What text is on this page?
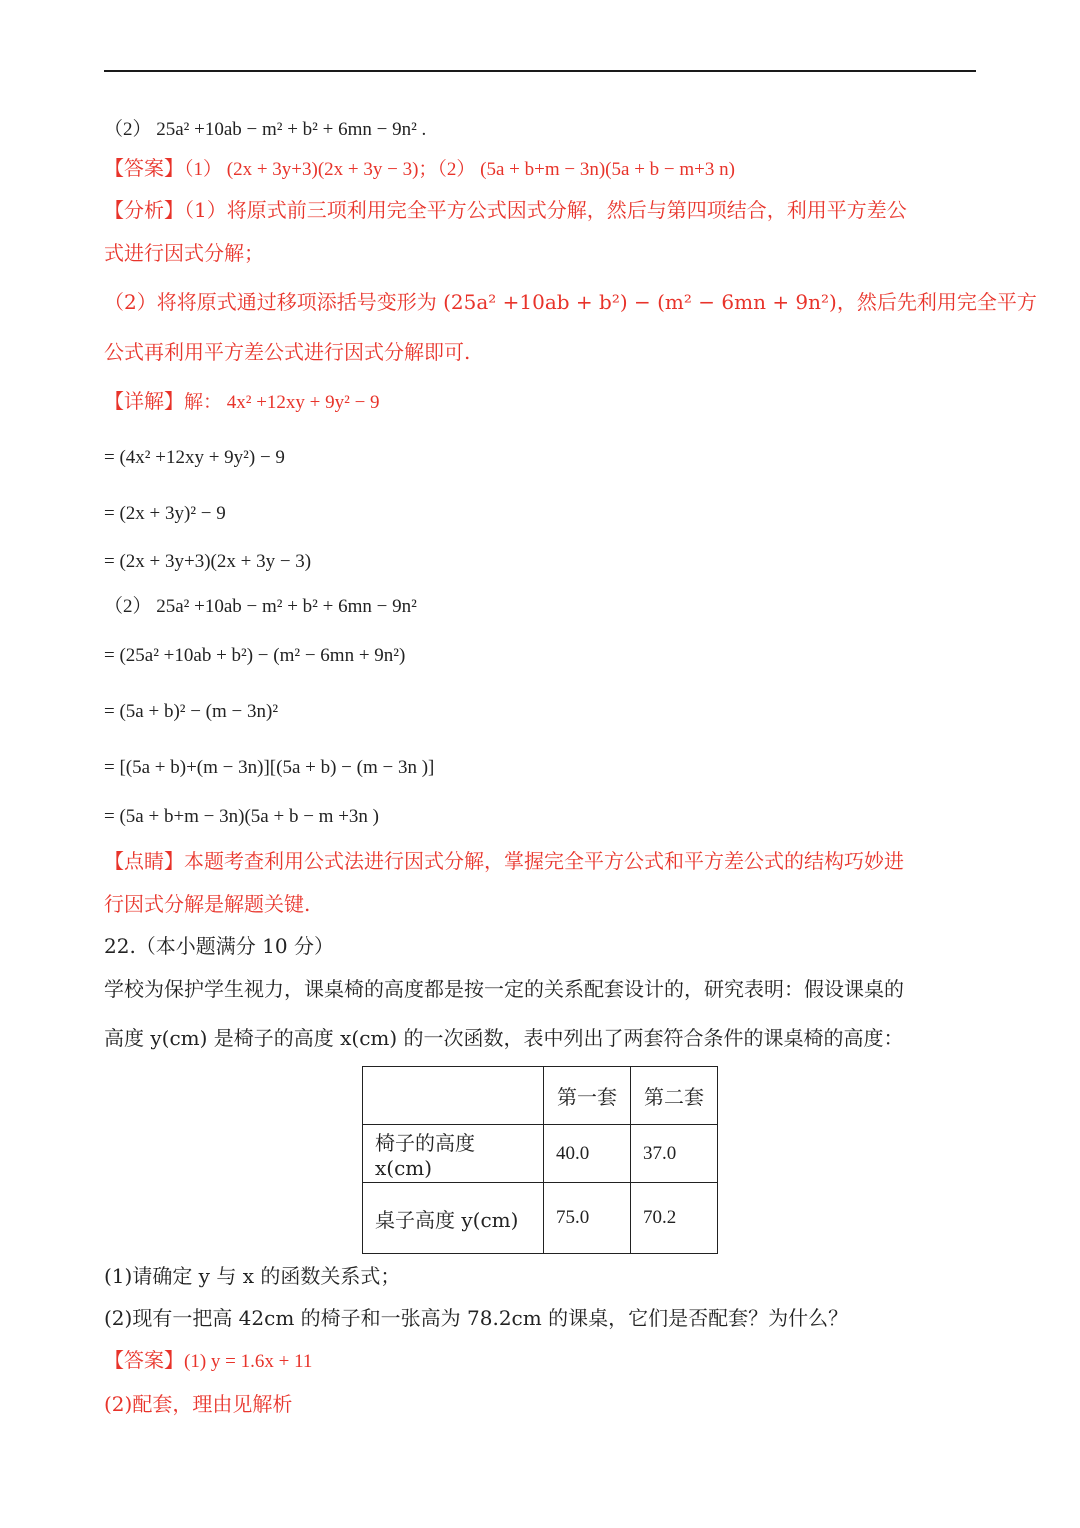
（2） 25a² +10ab − m² + b² + 6mn − 9n² .
【答案】（1） (2x + 3y+3)(2x + 3y − 3)；（2） (5a + b+m − 3n)(5a + b − m+3 n)
【分析】（1）将原式前三项利用完全平方公式因式分解，然后与第四项结合，利用平方差公
式进行因式分解；
（2）将将原式通过移项添括号变形为 (25a² +10ab + b²) − (m² − 6mn + 9n²)，然后先利用完全平方
公式再利用平方差公式进行因式分解即可.
【详解】解： 4x² +12xy + 9y² − 9
= (4x² +12xy + 9y²) − 9
= (2x + 3y)² − 9
= (2x + 3y+3)(2x + 3y − 3)
（2） 25a² +10ab − m² + b² + 6mn − 9n²
= (25a² +10ab + b²) − (m² − 6mn + 9n²)
= (5a + b)² − (m − 3n)²
= [(5a + b)+(m − 3n)][(5a + b) − (m − 3n )]
= (5a + b+m − 3n)(5a + b − m +3n )
【点睛】本题考查利用公式法进行因式分解，掌握完全平方公式和平方差公式的结构巧妙进
行因式分解是解题关键.
22.（本小题满分 10 分）
学校为保护学生视力，课桌椅的高度都是按一定的关系配套设计的，研究表明：假设课桌的
高度 y(cm) 是椅子的高度 x(cm) 的一次函数，表中列出了两套符合条件的课桌椅的高度：
	第一套	第二套
椅子的高度 x(cm)	40.0	37.0
桌子高度 y(cm)	75.0	70.2
(1)请确定 y 与 x 的函数关系式；
(2)现有一把高 42cm 的椅子和一张高为 78.2cm 的课桌，它们是否配套？为什么？
【答案】(1) y = 1.6x + 11
(2)配套，理由见解析
